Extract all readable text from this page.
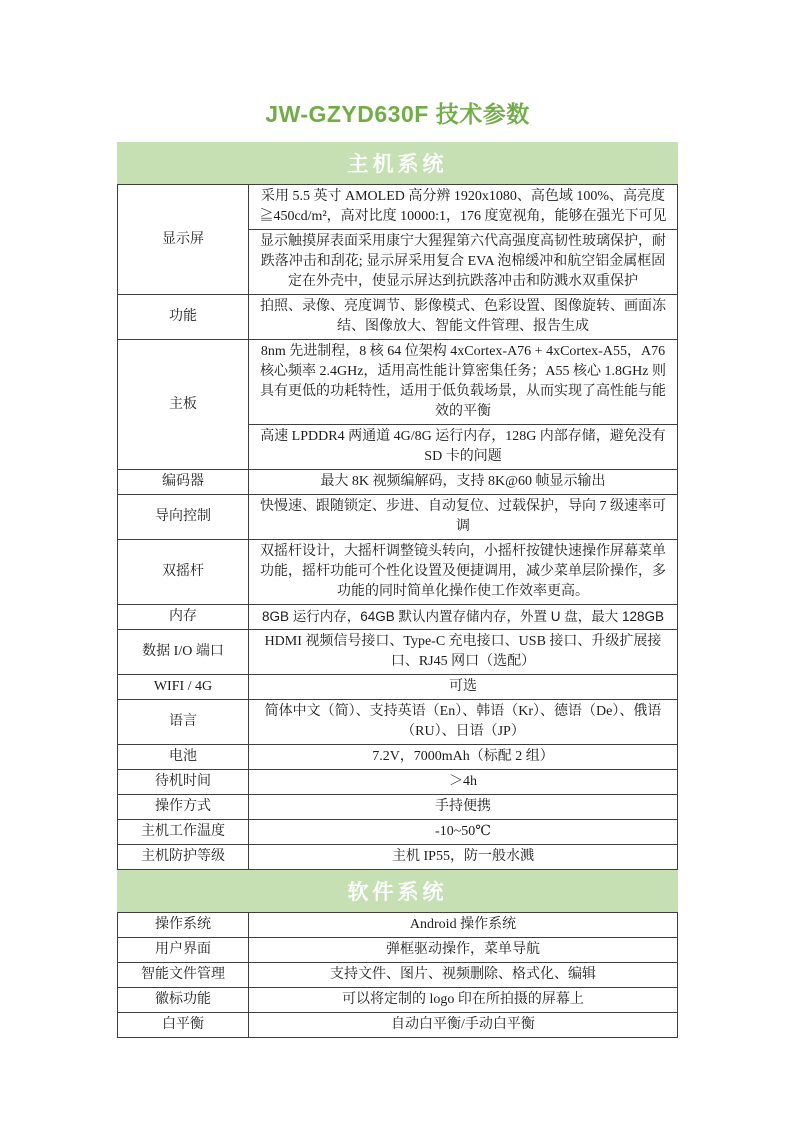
JW-GZYD630F 技术参数
主机系统
显示屏	采用 5.5 英寸 AMOLED 高分辨 1920x1080、高色域 100%、高亮度≧450cd/m²，高对比度 10000:1，176 度宽视角，能够在强光下可见
	显示触摸屏表面采用康宁大猩猩第六代高强度高韧性玻璃保护，耐跌落冲击和刮花; 显示屏采用复合 EVA 泡棉缓冲和航空铝金属框固定在外壳中，使显示屏达到抗跌落冲击和防溅水双重保护
功能	拍照、录像、亮度调节、影像模式、色彩设置、图像旋转、画面冻结、图像放大、智能文件管理、报告生成
主板	8nm 先进制程，8 核 64 位架构 4xCortex-A76 + 4xCortex-A55，A76 核心频率 2.4GHz，适用高性能计算密集任务；A55 核心 1.8GHz 则具有更低的功耗特性，适用于低负载场景，从而实现了高性能与能效的平衡
	高速 LPDDR4 两通道 4G/8G 运行内存，128G 内部存储，避免没有 SD 卡的问题
编码器	最大 8K 视频编解码，支持 8K@60 帧显示输出
导向控制	快慢速、跟随锁定、步进、自动复位、过载保护，导向 7 级速率可调
双摇杆	双摇杆设计，大摇杆调整镜头转向，小摇杆按键快速操作屏幕菜单功能，摇杆功能可个性化设置及便捷调用，减少菜单层阶操作，多功能的同时简单化操作使工作效率更高。
内存	8GB 运行内存，64GB 默认内置存储内存，外置 U 盘，最大 128GB
数据 I/O 端口	HDMI 视频信号接口、Type-C 充电接口、USB 接口、升级扩展接口、RJ45 网口（选配）
WIFI / 4G	可选
语言	简体中文（简）、支持英语（En）、韩语（Kr）、德语（De）、俄语（RU）、日语（JP）
电池	7.2V，7000mAh（标配 2 组）
待机时间	＞4h
操作方式	手持便携
主机工作温度	-10~50℃
主机防护等级	主机 IP55，防一般水溅
软件系统
操作系统	Android 操作系统
用户界面	弹框驱动操作，菜单导航
智能文件管理	支持文件、图片、视频删除、格式化、编辑
徽标功能	可以将定制的 logo 印在所拍摄的屏幕上
白平衡	自动白平衡/手动白平衡
